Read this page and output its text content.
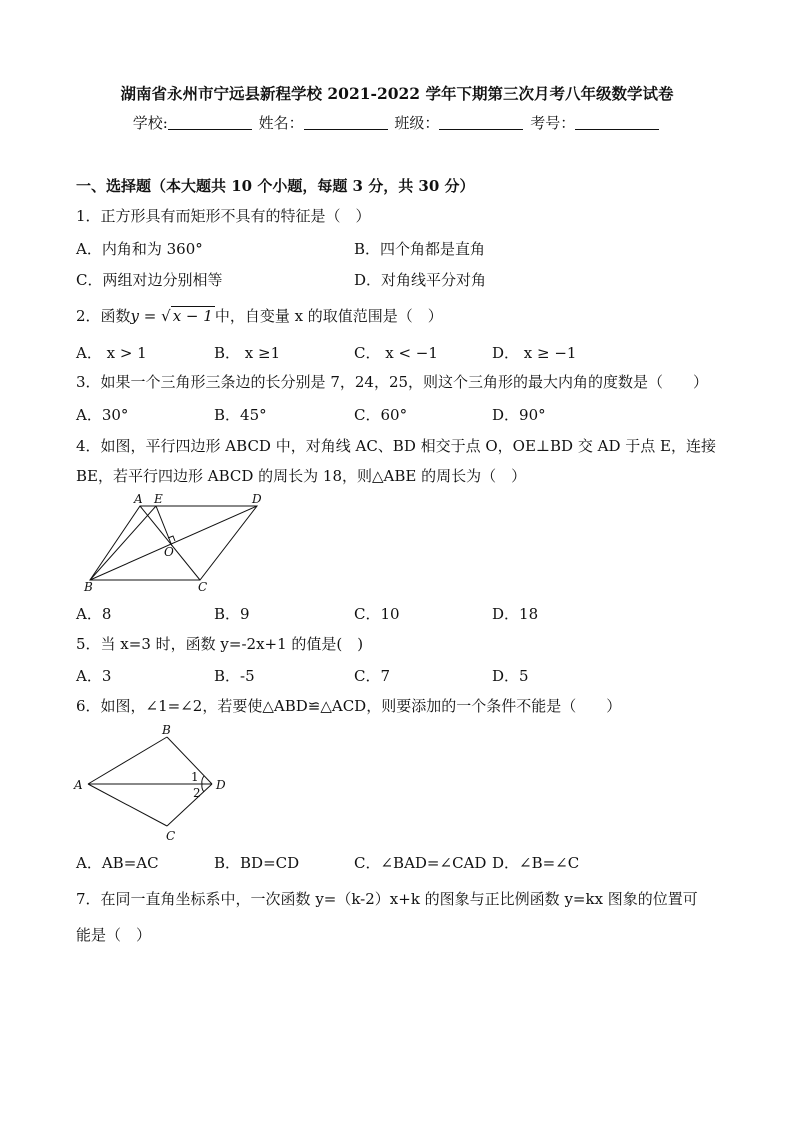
湖南省永州市宁远县新程学校 2021-2022 学年下期第三次月考八年级数学试卷
学校:	姓名：	班级：	考号：
一、选择题（本大题共 10 个小题，每题 3 分，共 30 分）
1．正方形具有而矩形不具有的特征是（　）
A．内角和为 360°	B．四个角都是直角
C．两组对边分别相等	D．对角线平分对角
2．函数y = √ x − 1 中，自变量 x 的取值范围是（　）
A． x > 1	B． x ≥1	C． x < −1	D． x ≥ −1
3．如果一个三角形三条边的长分别是 7，24，25，则这个三角形的最大内角的度数是（　　）
A．30°	B．45°	C．60°	D．90°
4．如图，平行四边形 ABCD 中，对角线 AC、BD 相交于点 O，OE⊥BD 交 AD 于点 E，连接
BE，若平行四边形 ABCD 的周长为 18，则△ABE 的周长为（　）
A E	D
O
B	C
A．8	B．9	C．10	D．18
5．当 x=3 时，函数 y=-2x+1 的值是(　)
A．3	B．-5	C．7	D．5
6．如图，∠1=∠2，若要使△ABD≌△ACD，则要添加的一个条件不能是（　　）
A
B
C
D
1
2
A．AB=AC	B．BD=CD	C．∠BAD=∠CAD D．∠B=∠C
7．在同一直角坐标系中，一次函数 y=（k-2）x+k 的图象与正比例函数 y=kx 图象的位置可
能是（　）
